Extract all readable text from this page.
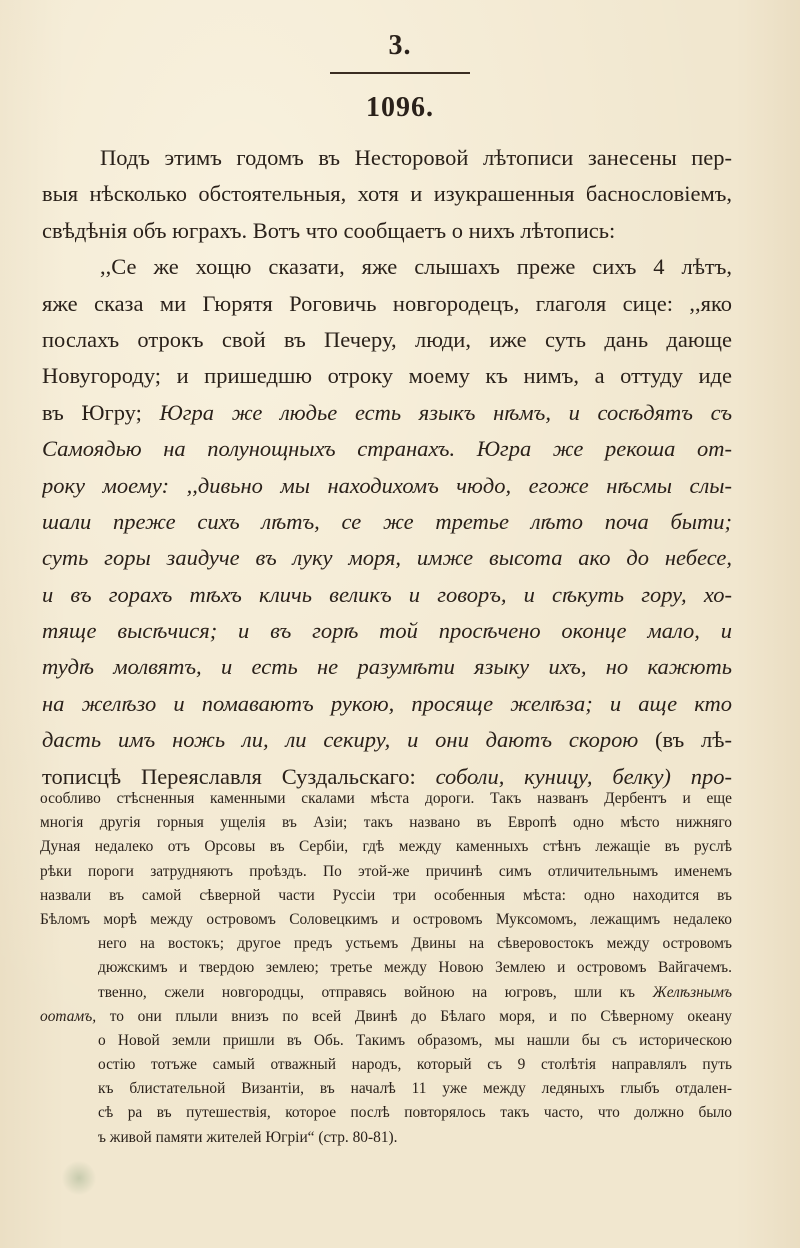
3.
1096.
Подъ этимъ годомъ въ Несторовой лѣтописи занесены пер-
выя нѣсколько обстоятельныя, хотя и изукрашенныя баснословіемъ,
свѣдѣнія объ юграхъ. Вотъ что сообщаетъ о нихъ лѣтопись:
,,Се же хощю сказати, яже слышахъ преже сихъ 4 лѣтъ,
яже сказа ми Гюрятя Роговичь новгородецъ, глаголя сице: ,,яко
послахъ отрокъ свой въ Печеру, люди, иже суть дань дающе
Новугороду; и пришедшю отроку моему къ нимъ, а оттуду иде
въ Югру; Югра же людье есть языкъ нѣмъ, и сосѣдятъ съ
Самоядью на полунощныхъ странахъ. Югра же рекоша от-
року моему: ,,дивьно мы находихомъ чюдо, егоже нѣсмы слы-
шали преже сихъ лѣтъ, се же третье лѣто поча быти;
суть горы заидуче въ луку моря, имже высота ако до небесе,
и въ горахъ тѣхъ кличь великъ и говоръ, и сѣкуть гору, хо-
тяще высѣчися; и въ горѣ той просѣчено оконце мало, и
тудѣ молвятъ, и есть не разумѣти языку ихъ, но кажють
на желѣзо и помаваютъ рукою, просяще желѣза; и аще кто
дасть имъ ножь ли, ли секиру, и они даютъ скорою (въ лѣ-
тописцѣ Переяславля Суздальскаго: соболи, куницу, белку) про-
особливо стѣсненныя каменными скалами мѣста дороги. Такъ названъ Дербентъ и еще
многія другія горныя ущелія въ Азіи; такъ названо въ Европѣ одно мѣсто нижняго
Дуная недалеко отъ Орсовы въ Сербіи, гдѣ между каменныхъ стѣнъ лежащіе въ руслѣ
рѣки пороги затрудняютъ проѣздъ. По этой-же причинѣ симъ отличительнымъ именемъ
назвали въ самой сѣверной части Руссіи три особенныя мѣста: одно находится въ
Бѣломъ морѣ между островомъ Соловецкимъ и островомъ Муксомомъ, лежащимъ недалеко
него на востокъ; другое предъ устьемъ Двины на сѣверовостокъ между островомъ
дюжскимъ и твердою землею; третье между Новою Землею и островомъ Вайгачемъ.
твенно, сжели новгородцы, отправясь войною на югровъ, шли къ Желѣзнымъ
оотамъ, то они плыли внизъ по всей Двинѣ до Бѣлаго моря, и по Сѣверному океану
о Новой земли пришли въ Обь. Такимъ образомъ, мы нашли бы съ историческою
остію тотъже самый отважный народъ, который съ 9 столѣтія направлялъ путь
къ блистательной Византіи, въ началѣ 11 уже между ледяныхъ глыбъ отдален-
сѣ ра въ путешествія, которое послѣ повторялось такъ часто, что должно было
ъ живой памяти жителей Югріи“ (стр. 80-81).
